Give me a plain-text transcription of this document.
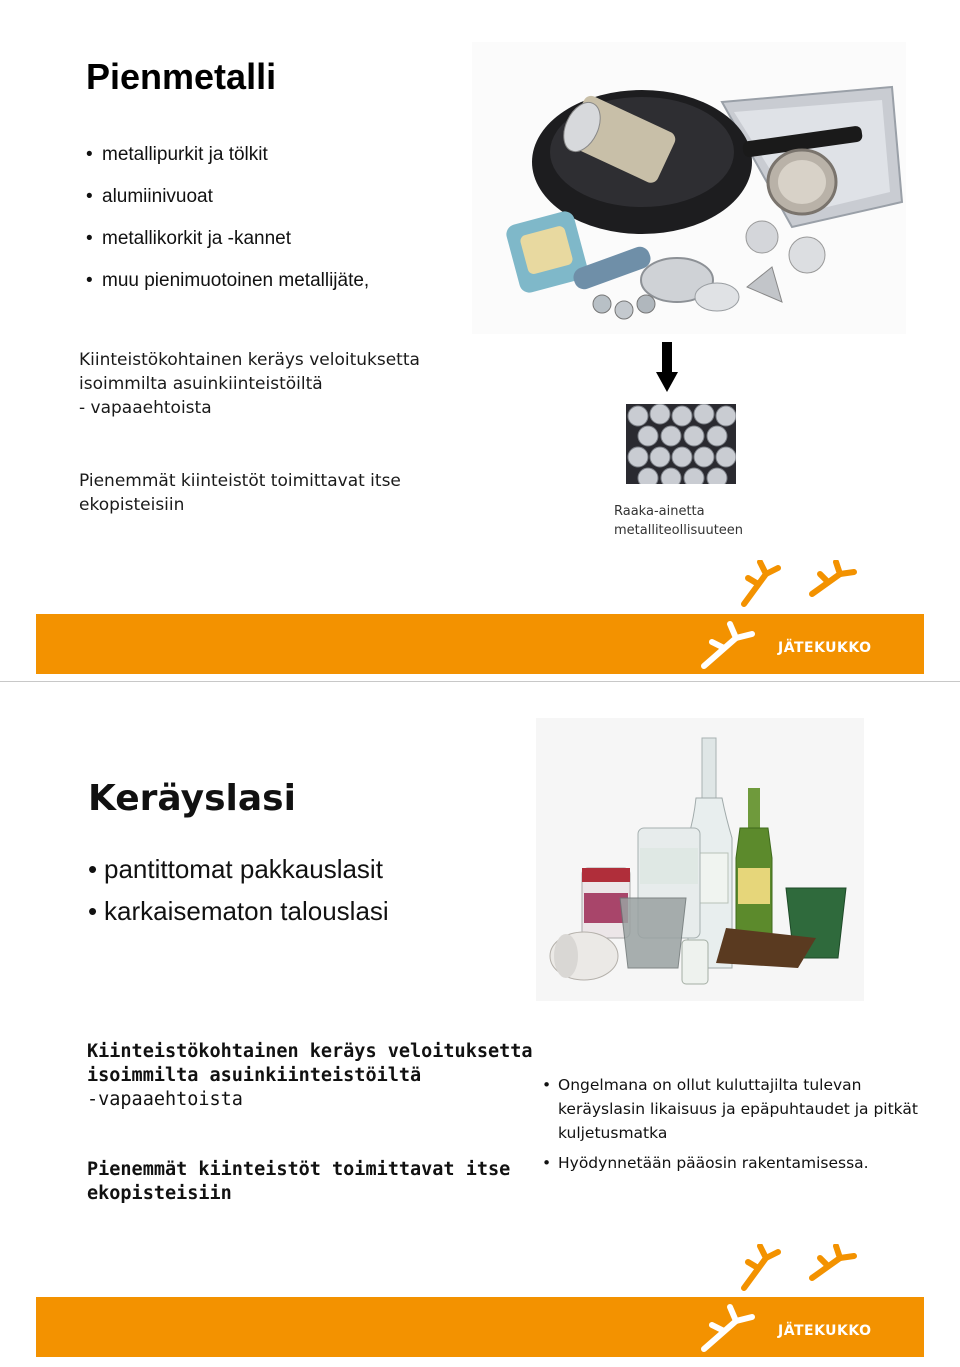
Pienmetalli
• metallipurkit ja tölkit
• alumiinivuoat
• metallikorkit ja -kannet
• muu pienimuotoinen metallijäte,

Kiinteistökohtainen keräys veloituksetta
isoimmilta asuinkiinteistöiltä
- vapaaehtoista

Pienemmät kiinteistöt toimittavat itse
ekopisteisiin	Raaka-ainetta
metalliteollisuuteen

JÄTEKUKKO
Keräyslasi
• pantittomat pakkauslasit
• karkaisematon talouslasi

Kiinteistökohtainen keräys veloituksetta
isoimmilta asuinkiinteistöiltä
-vapaaehtoista

Pienemmät kiinteistöt toimittavat itse
ekopisteisiin

• Ongelmana on ollut kuluttajilta tulevan keräyslasin likaisuus ja epäpuhtaudet ja pitkät kuljetusmatka
• Hyödynnetään pääosin rakentamisessa.
JÄTEKUKKO
